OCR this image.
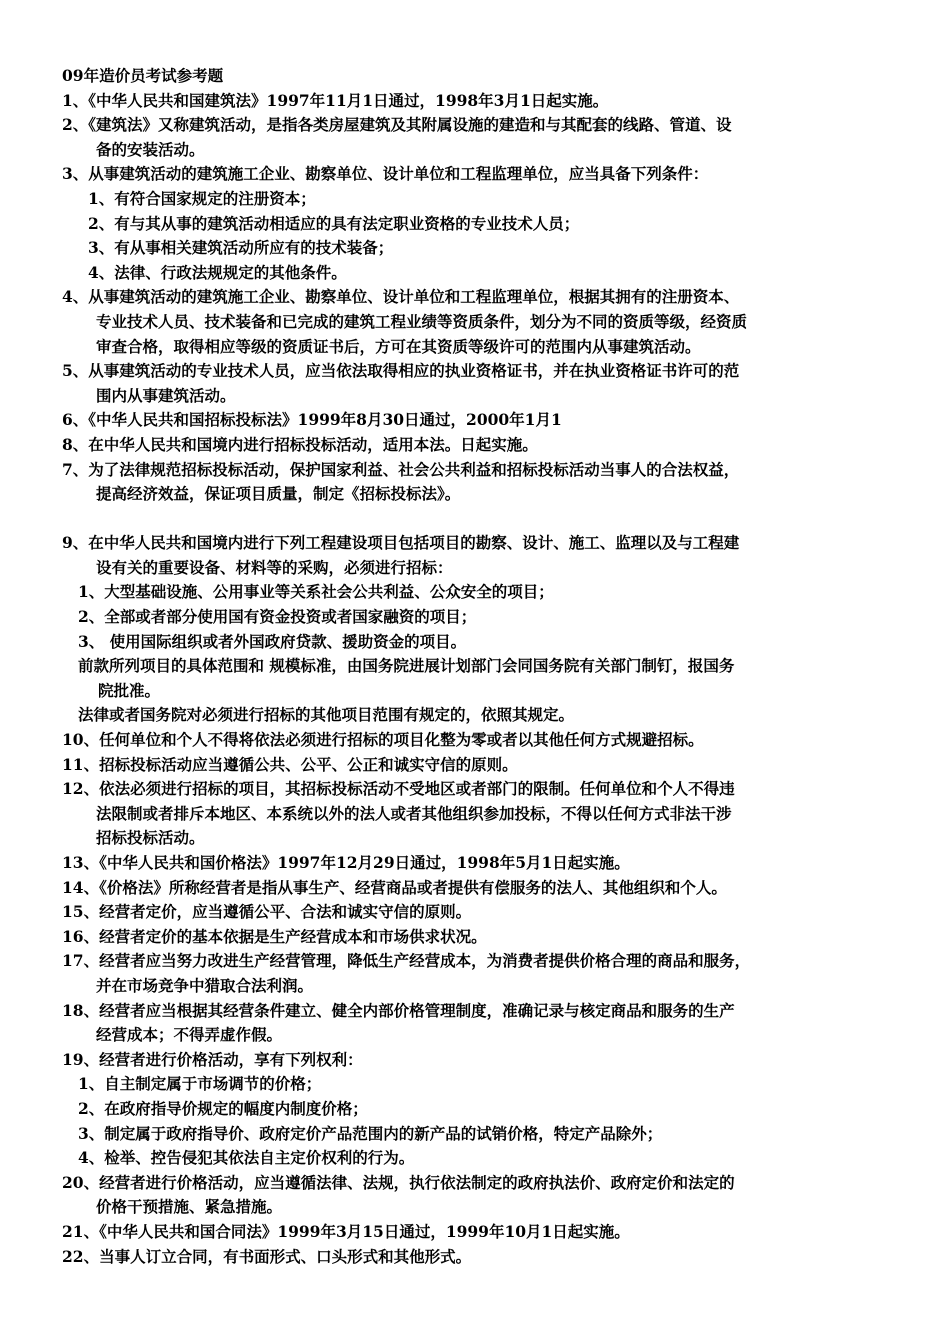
09年造价员考试参考题
1、《中华人民共和国建筑法》1997年11月1日通过，1998年3月1日起实施。
2、《建筑法》又称建筑活动，是指各类房屋建筑及其附属设施的建造和与其配套的线路、管道、设
备的安装活动。
3、从事建筑活动的建筑施工企业、勘察单位、设计单位和工程监理单位，应当具备下列条件：
1、有符合国家规定的注册资本；
2、有与其从事的建筑活动相适应的具有法定职业资格的专业技术人员；
3、有从事相关建筑活动所应有的技术装备；
4、法律、行政法规规定的其他条件。
4、从事建筑活动的建筑施工企业、勘察单位、设计单位和工程监理单位，根据其拥有的注册资本、
专业技术人员、技术装备和已完成的建筑工程业绩等资质条件，划分为不同的资质等级，经资质
审查合格，取得相应等级的资质证书后，方可在其资质等级许可的范围内从事建筑活动。
5、从事建筑活动的专业技术人员，应当依法取得相应的执业资格证书，并在执业资格证书许可的范
围内从事建筑活动。
6、《中华人民共和国招标投标法》1999年8月30日通过，2000年1月1
8、在中华人民共和国境内进行招标投标活动，适用本法。日起实施。
7、为了法律规范招标投标活动，保护国家利益、社会公共利益和招标投标活动当事人的合法权益，
提高经济效益，保证项目质量，制定《招标投标法》。
9、在中华人民共和国境内进行下列工程建设项目包括项目的勘察、设计、施工、监理以及与工程建
设有关的重要设备、材料等的采购，必须进行招标：
1、大型基础设施、公用事业等关系社会公共利益、公众安全的项目；
2、全部或者部分使用国有资金投资或者国家融资的项目；
3、 使用国际组织或者外国政府贷款、援助资金的项目。
前款所列项目的具体范围和 规模标准，由国务院进展计划部门会同国务院有关部门制钉，报国务
院批准。
法律或者国务院对必须进行招标的其他项目范围有规定的，依照其规定。
10、任何单位和个人不得将依法必须进行招标的项目化整为零或者以其他任何方式规避招标。
11、招标投标活动应当遵循公共、公平、公正和诚实守信的原则。
12、依法必须进行招标的项目，其招标投标活动不受地区或者部门的限制。任何单位和个人不得违
法限制或者排斥本地区、本系统以外的法人或者其他组织参加投标，不得以任何方式非法干涉
招标投标活动。
13、《中华人民共和国价格法》1997年12月29日通过，1998年5月1日起实施。
14、《价格法》所称经营者是指从事生产、经营商品或者提供有偿服务的法人、其他组织和个人。
15、经营者定价，应当遵循公平、合法和诚实守信的原则。
16、经营者定价的基本依据是生产经营成本和市场供求状况。
17、经营者应当努力改进生产经营管理，降低生产经营成本，为消费者提供价格合理的商品和服务，
并在市场竞争中猎取合法利润。
18、经营者应当根据其经营条件建立、健全内部价格管理制度，准确记录与核定商品和服务的生产
经营成本；不得弄虚作假。
19、经营者进行价格活动，享有下列权利：
1、自主制定属于市场调节的价格；
2、在政府指导价规定的幅度内制度价格；
3、制定属于政府指导价、政府定价产品范围内的新产品的试销价格，特定产品除外；
4、检举、控告侵犯其依法自主定价权利的行为。
20、经营者进行价格活动，应当遵循法律、法规，执行依法制定的政府执法价、政府定价和法定的
价格干预措施、紧急措施。
21、《中华人民共和国合同法》1999年3月15日通过，1999年10月1日起实施。
22、当事人订立合同，有书面形式、口头形式和其他形式。
